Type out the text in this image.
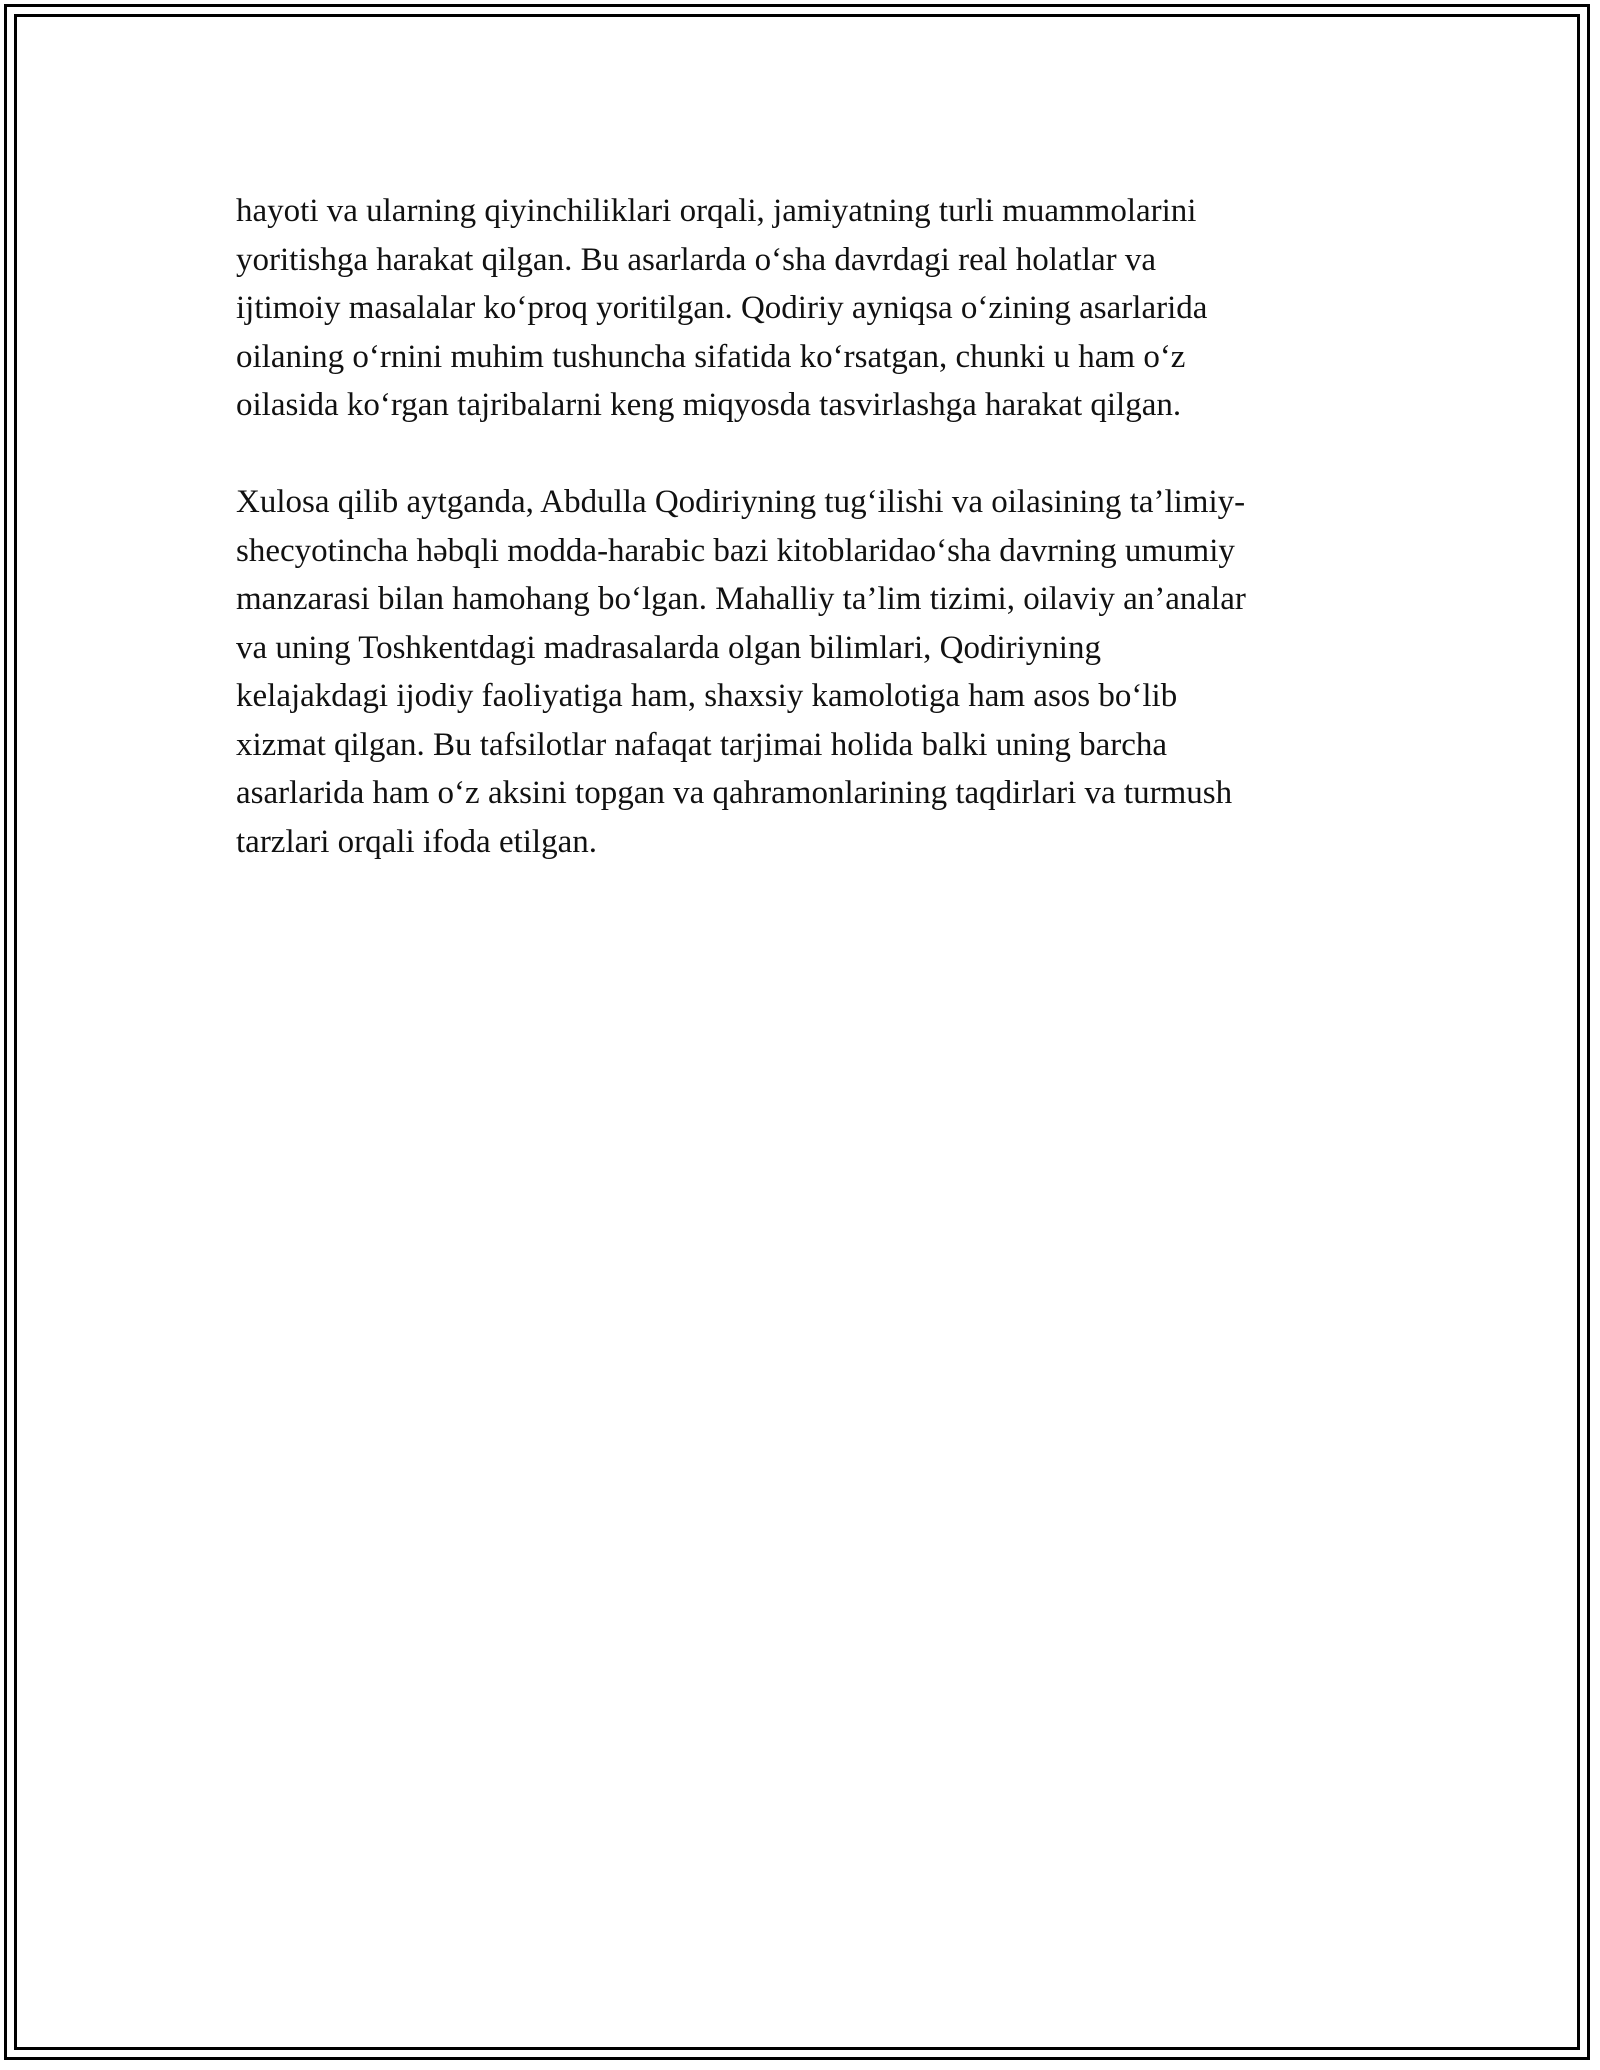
hayoti va ularning qiyinchiliklari orqali, jamiyatning turli muammolarini
yoritishga harakat qilgan. Bu asarlarda o‘sha davrdagi real holatlar va
ijtimoiy masalalar ko‘proq yoritilgan. Qodiriy ayniqsa o‘zining asarlarida
oilaning o‘rnini muhim tushuncha sifatida ko‘rsatgan, chunki u ham o‘z
oilasida ko‘rgan tajribalarni keng miqyosda tasvirlashga harakat qilgan.

Xulosa qilib aytganda, Abdulla Qodiriyning tug‘ilishi va oilasining ta’limiy-
shecyotincha həbqli modda-harabic bazi kitoblaridao‘sha davrning umumiy
manzarasi bilan hamohang bo‘lgan. Mahalliy ta’lim tizimi, oilaviy an’analar
va uning Toshkentdagi madrasalarda olgan bilimlari, Qodiriyning
kelajakdagi ijodiy faoliyatiga ham, shaxsiy kamolotiga ham asos bo‘lib
xizmat qilgan. Bu tafsilotlar nafaqat tarjimai holida balki uning barcha
asarlarida ham o‘z aksini topgan va qahramonlarining taqdirlari va turmush
tarzlari orqali ifoda etilgan.
